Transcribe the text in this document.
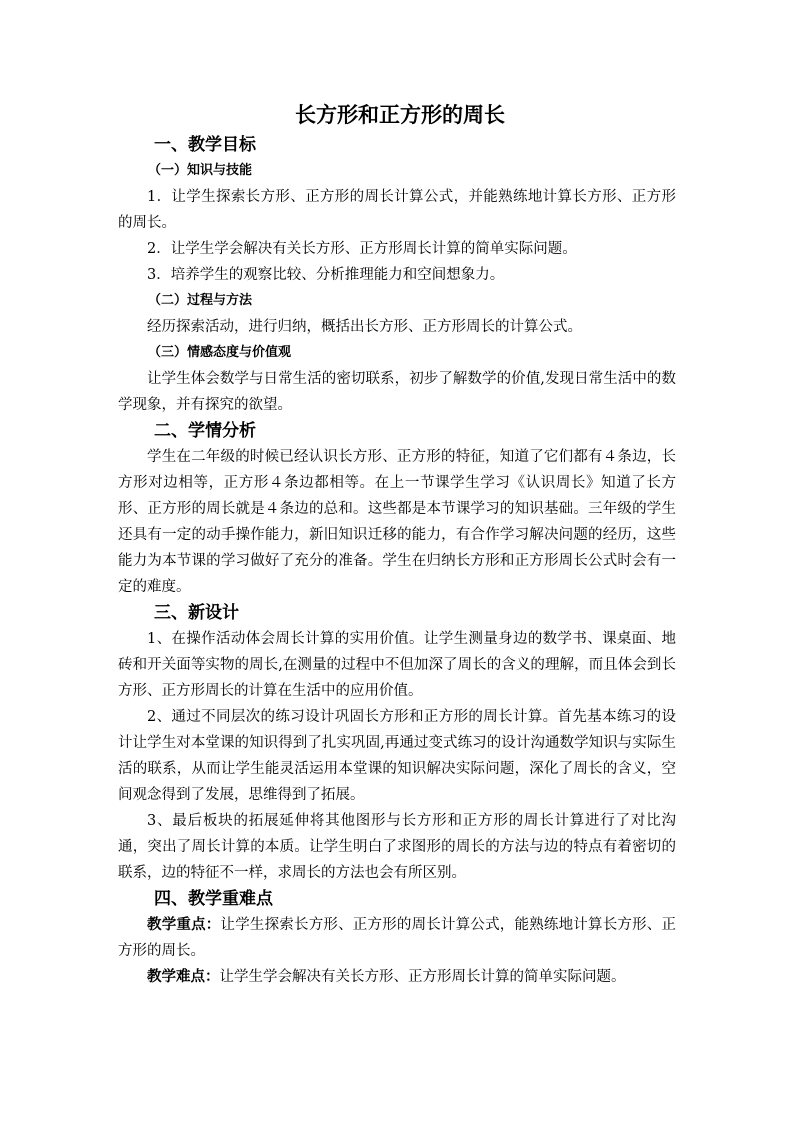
长方形和正方形的周长
一、教学目标
（一）知识与技能

1．让学生探索长方形、正方形的周长计算公式，并能熟练地计算长方形、正方形的周长。

2．让学生学会解决有关长方形、正方形周长计算的简单实际问题。

3．培养学生的观察比较、分析推理能力和空间想象力。

（二）过程与方法

经历探索活动，进行归纳，概括出长方形、正方形周长的计算公式。

（三）情感态度与价值观

让学生体会数学与日常生活的密切联系，初步了解数学的价值,发现日常生活中的数学现象，并有探究的欲望。

二、学情分析

学生在二年级的时候已经认识长方形、正方形的特征，知道了它们都有４条边，长方形对边相等，正方形４条边都相等。在上一节课学生学习《认识周长》知道了长方形、正方形的周长就是４条边的总和。这些都是本节课学习的知识基础。三年级的学生还具有一定的动手操作能力，新旧知识迁移的能力，有合作学习解决问题的经历，这些能力为本节课的学习做好了充分的准备。学生在归纳长方形和正方形周长公式时会有一定的难度。

三、新设计

1、在操作活动体会周长计算的实用价值。让学生测量身边的数学书、课桌面、地砖和开关面等实物的周长,在测量的过程中不但加深了周长的含义的理解，而且体会到长方形、正方形周长的计算在生活中的应用价值。

2、通过不同层次的练习设计巩固长方形和正方形的周长计算。首先基本练习的设计让学生对本堂课的知识得到了扎实巩固,再通过变式练习的设计沟通数学知识与实际生活的联系，从而让学生能灵活运用本堂课的知识解决实际问题，深化了周长的含义，空间观念得到了发展，思维得到了拓展。

3、最后板块的拓展延伸将其他图形与长方形和正方形的周长计算进行了对比沟通，突出了周长计算的本质。让学生明白了求图形的周长的方法与边的特点有着密切的联系，边的特征不一样，求周长的方法也会有所区别。

四、教学重难点

教学重点：让学生探索长方形、正方形的周长计算公式，能熟练地计算长方形、正方形的周长。

教学难点：让学生学会解决有关长方形、正方形周长计算的简单实际问题。
